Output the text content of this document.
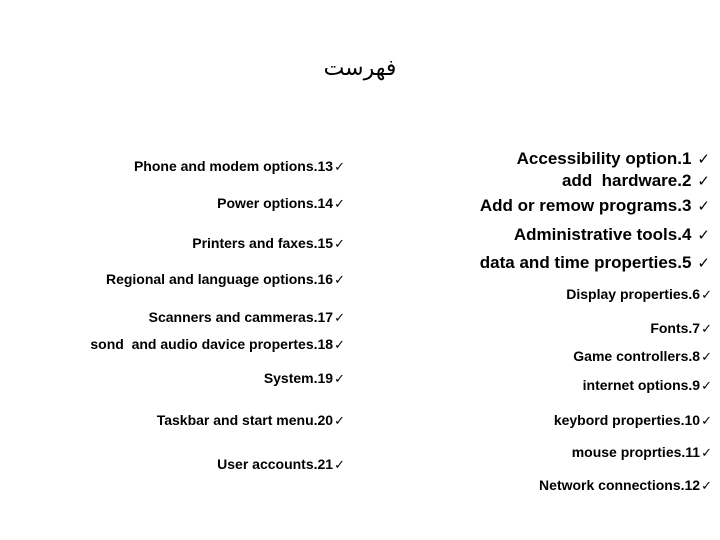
فهرست

Accessibility option.1 ✓

add  hardware.2 ✓

Add or remow programs.3 ✓

Administrative tools.4 ✓

data and time properties.5 ✓

Display properties.6✓

Fonts.7✓

Game controllers.8✓

internet options.9✓

keybord properties.10✓

mouse proprties.11✓

Network connections.12✓

Phone and modem options.13✓

Power options.14✓

Printers and faxes.15✓

Regional and language options.16✓

Scanners and cammeras.17✓

sond  and audio davice propertes.18✓

System.19✓

Taskbar and start menu.20✓

User accounts.21✓
